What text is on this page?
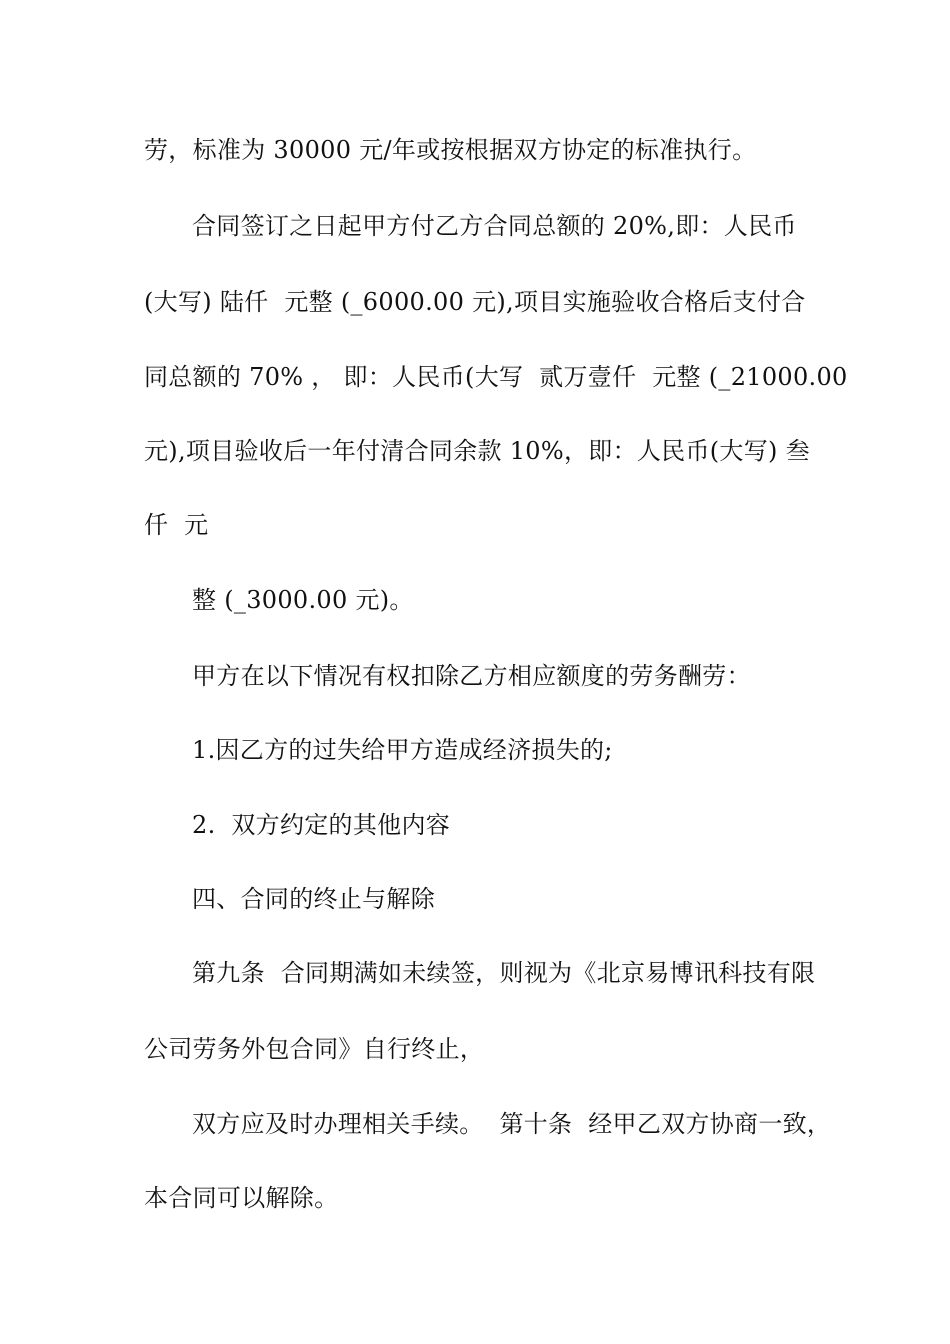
劳，标准为 30000 元/年或按根据双方协定的标准执行。
合同签订之日起甲方付乙方合同总额的 20%,即：人民币
(大写) 陆仟  元整 (_6000.00 元),项目实施验收合格后支付合
同总额的 70% ， 即：人民币(大写  贰万壹仟  元整 (_21000.00
元),项目验收后一年付清合同余款 10%，即：人民币(大写) 叁
仟  元
整 (_3000.00 元)。
甲方在以下情况有权扣除乙方相应额度的劳务酬劳：
1.因乙方的过失给甲方造成经济损失的;
2.  双方约定的其他内容
四、合同的终止与解除
第九条  合同期满如未续签，则视为《北京易博讯科技有限
公司劳务外包合同》自行终止，
双方应及时办理相关手续。  第十条  经甲乙双方协商一致，
本合同可以解除。
